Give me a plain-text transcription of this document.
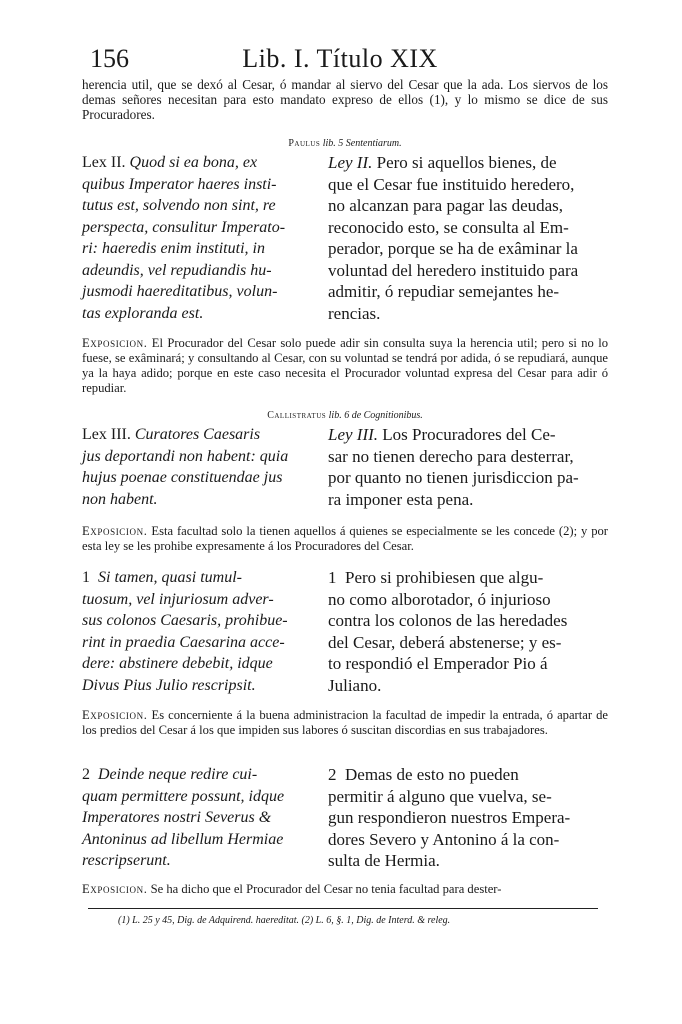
156	Lib. I. Título XIX
herencia util, que se dexó al Cesar, ó mandar al siervo del Cesar que la ada. Los siervos de los demas señores necesitan para esto mandato expreso de ellos (1), y lo mismo se dice de sus Procuradores.
Paulus lib. 5 Sententiarum.
Lex II. Quod si ea bona, ex
quibus Imperator haeres insti-
tutus est, solvendo non sint, re
perspecta, consulitur Imperato-
ri: haeredis enim instituti, in
adeundis, vel repudiandis hu-
jusmodi haereditatibus, volun-
tas exploranda est.
Ley II. Pero si aquellos bienes, de
que el Cesar fue instituido heredero,
no alcanzan para pagar las deudas,
reconocido esto, se consulta al Em-
perador, porque se ha de exâminar la
voluntad del heredero instituido para
admitir, ó repudiar semejantes he-
rencias.
Exposicion. El Procurador del Cesar solo puede adir sin consulta suya la herencia util; pero si no lo fuese, se exâminará; y consultando al Cesar, con su voluntad se tendrá por adida, ó se repudiará, aunque ya la haya adido; porque en este caso necesita el Procurador voluntad expresa del Cesar para adir ó repudiar.
Callistratus lib. 6 de Cognitionibus.
Lex III. Curatores Caesaris
jus deportandi non habent: quia
hujus poenae constituendae jus
non habent.
Ley III. Los Procuradores del Ce-
sar no tienen derecho para desterrar,
por quanto no tienen jurisdiccion pa-
ra imponer esta pena.
Exposicion. Esta facultad solo la tienen aquellos á quienes se especialmente se les concede (2); y por esta ley se les prohibe expresamente á los Procuradores del Cesar.
1 Si tamen, quasi tumul-
tuosum, vel injuriosum adver-
sus colonos Caesaris, prohibue-
rint in praedia Caesarina acce-
dere: abstinere debebit, idque
Divus Pius Julio rescripsit.
1 Pero si prohibiesen que algu-
no como alborotador, ó injurioso
contra los colonos de las heredades
del Cesar, deberá abstenerse; y es-
to respondió el Emperador Pio á
Juliano.
Exposicion. Es concerniente á la buena administracion la facultad de impedir la entrada, ó apartar de los predios del Cesar á los que impiden sus labores ó suscitan discordias en sus trabajadores.
2 Deinde neque redire cui-
quam permittere possunt, idque
Imperatores nostri Severus &
Antoninus ad libellum Hermiae
rescripserunt.
2 Demas de esto no pueden
permitir á alguno que vuelva, se-
gun respondieron nuestros Empera-
dores Severo y Antonino á la con-
sulta de Hermia.
Exposicion. Se ha dicho que el Procurador del Cesar no tenia facultad para dester-
(1) L. 25 y 45, Dig. de Adquirend. haereditat. (2) L. 6, §. 1, Dig. de Interd. & releg.
